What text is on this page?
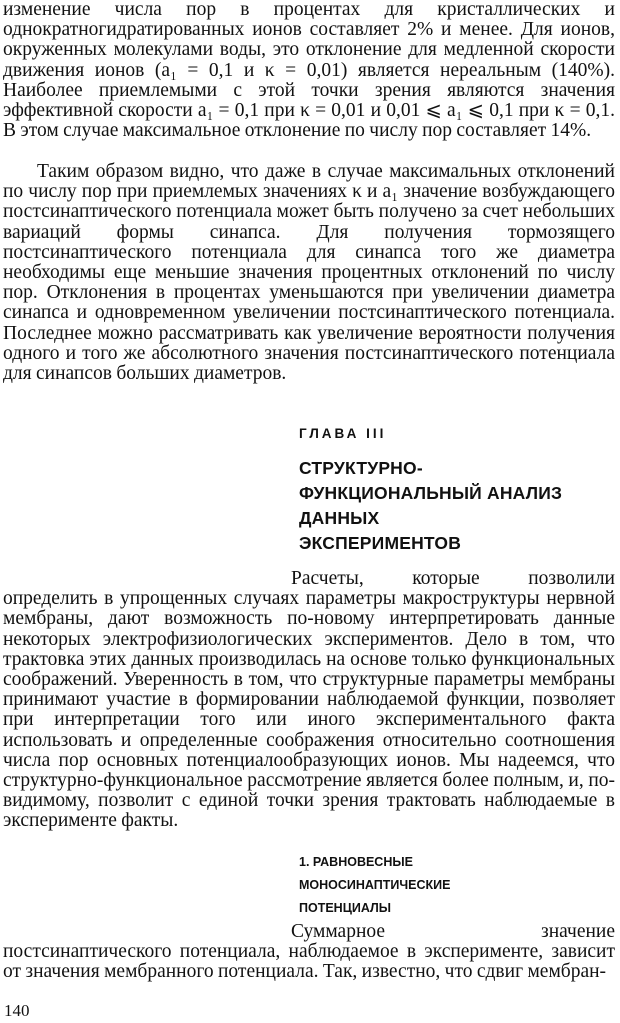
изменение числа пор в процентах для кристаллических и однократногидратированных ионов составляет 2% и менее. Для ионов, окруженных молекулами воды, это отклонение для медленной скорости движения ионов (a₁ = 0,1 и κ = 0,01) является нереальным (140%). Наиболее приемлемыми с этой точки зрения являются значения эффективной скорости a₁ = 0,1 при κ = 0,01 и 0,01 ⩽ a₁ ⩽ 0,1 при κ = 0,1. В этом случае максимальное отклонение по числу пор составляет 14%.

Таким образом видно, что даже в случае максимальных отклонений по числу пор при приемлемых значениях κ и a₁ значение возбуждающего постсинаптического потенциала может быть получено за счет небольших вариаций формы синапса. Для получения тормозящего постсинаптического потенциала для синапса того же диаметра необходимы еще меньшие значения процентных отклонений по числу пор. Отклонения в процентах уменьшаются при увеличении диаметра синапса и одновременном увеличении постсинаптического потенциала. Последнее можно рассматривать как увеличение вероятности получения одного и того же абсолютного значения постсинаптического потенциала для синапсов больших диаметров.

ГЛАВА III

СТРУКТУРНО-
ФУНКЦИОНАЛЬНЫЙ АНАЛИЗ
ДАННЫХ
ЭКСПЕРИМЕНТОВ

Расчеты, которые позволили определить в упрощенных случаях параметры макроструктуры нервной мембраны, дают возможность по-новому интерпретировать данные некоторых электрофизиологических экспериментов. Дело в том, что трактовка этих данных производилась на основе только функциональных соображений. Уверенность в том, что структурные параметры мембраны принимают участие в формировании наблюдаемой функции, позволяет при интерпретации того или иного экспериментального факта использовать и определенные соображения относительно соотношения числа пор основных потенциалообразующих ионов. Мы надеемся, что структурно-функциональное рассмотрение является более полным, и, по-видимому, позволит с единой точки зрения трактовать наблюдаемые в эксперименте факты.

1. РАВНОВЕСНЫЕ
МОНОСИНАПТИЧЕСКИЕ
ПОТЕНЦИАЛЫ

Суммарное значение постсинаптического потенциала, наблюдаемое в эксперименте, зависит от значения мембранного потенциала. Так, известно, что сдвиг мембран-

140
